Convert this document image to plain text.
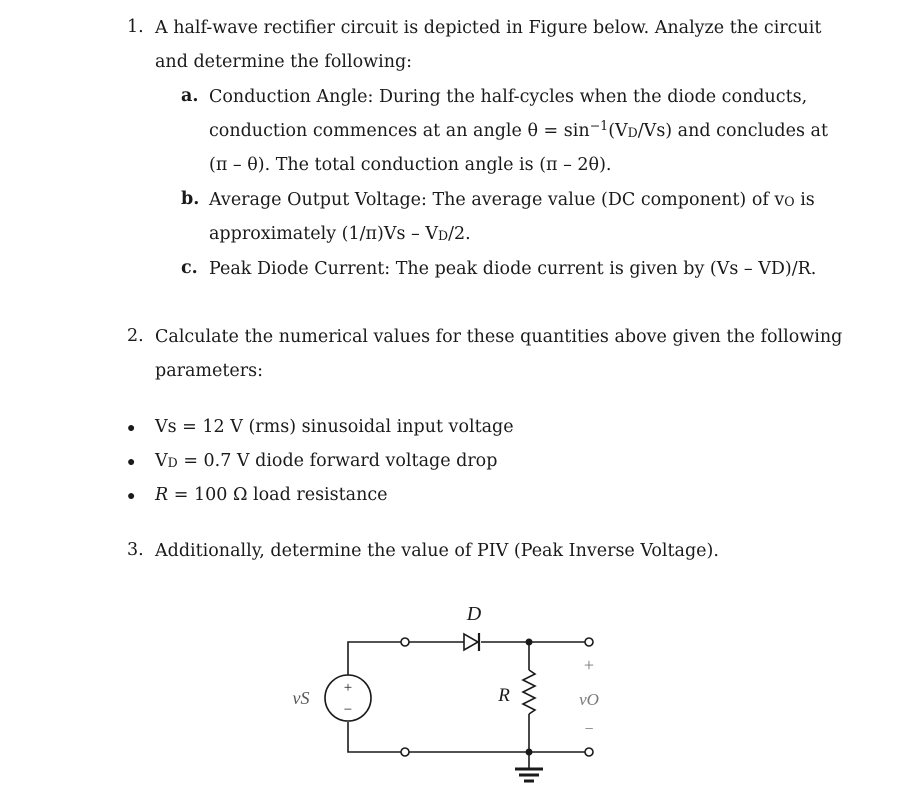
1. A half-wave rectifier circuit is depicted in Figure below. Analyze the circuit
and determine the following:
a. Conduction Angle: During the half-cycles when the diode conducts,
conduction commences at an angle $\theta = \sin^{-1}(VD/Vs)$ and concludes at
(π – θ). The total conduction angle is (π – 2θ).
b. Average Output Voltage: The average value (DC component) of vO is
approximately (1/π)Vs – VD/2.
c. Peak Diode Current: The peak diode current is given by (Vs – VD)/R.
2. Calculate the numerical values for these quantities above given the following
parameters:
● Vs = 12 V (rms) sinusoidal input voltage
● VD = 0.7 V diode forward voltage drop
● R = 100 Ω load resistance
3. Additionally, determine the value of PIV (Peak Inverse Voltage).
+
−
D
R
vS
+
vO
−
